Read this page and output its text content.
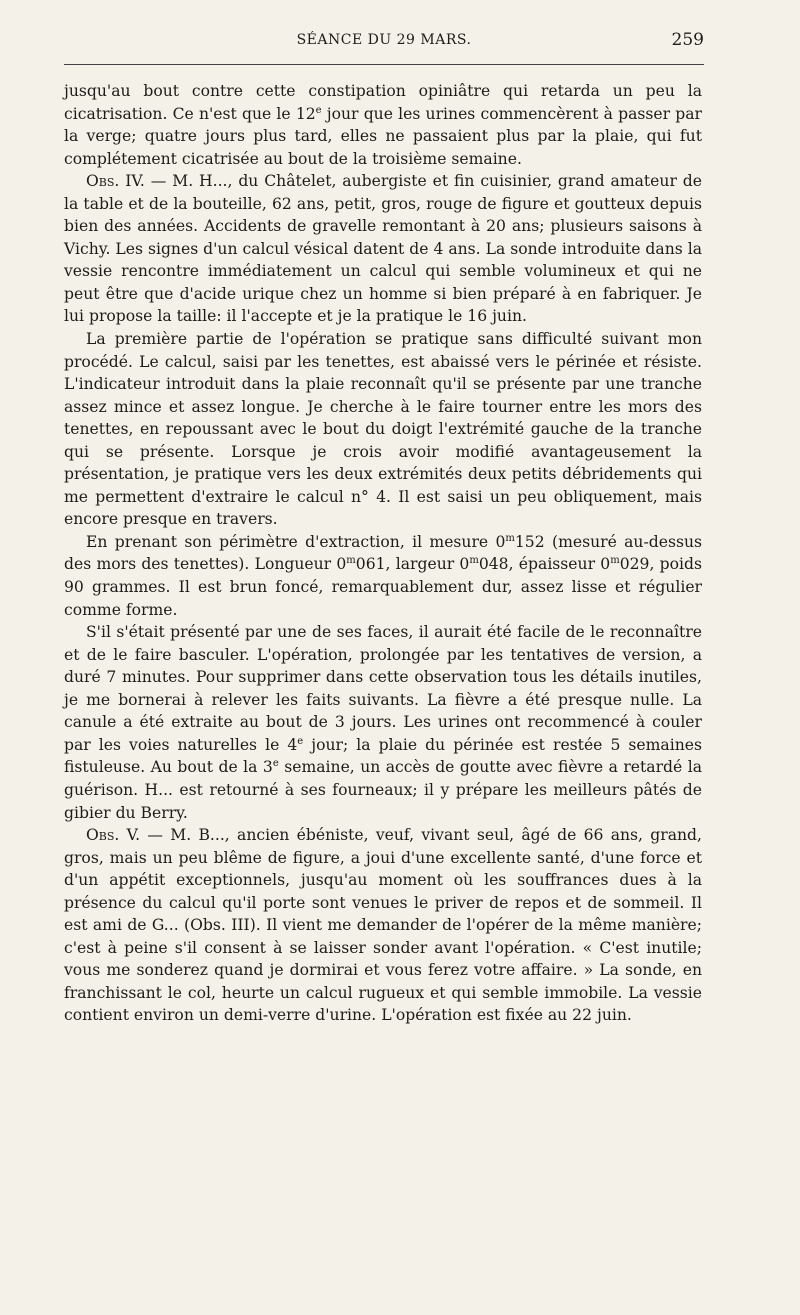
SÉANCE DU 29 MARS.	259

jusqu'au bout contre cette constipation opiniâtre qui retarda un peu la cicatrisation. Ce n'est que le 12e jour que les urines commencèrent à passer par la verge; quatre jours plus tard, elles ne passaient plus par la plaie, qui fut complétement cicatrisée au bout de la troisième semaine.

Obs. IV. — M. H..., du Châtelet, aubergiste et fin cuisinier, grand amateur de la table et de la bouteille, 62 ans, petit, gros, rouge de figure et goutteux depuis bien des années. Accidents de gravelle remontant à 20 ans; plusieurs saisons à Vichy. Les signes d'un calcul vésical datent de 4 ans. La sonde introduite dans la vessie rencontre immédiatement un calcul qui semble volumineux et qui ne peut être que d'acide urique chez un homme si bien préparé à en fabriquer. Je lui propose la taille: il l'accepte et je la pratique le 16 juin.

La première partie de l'opération se pratique sans difficulté suivant mon procédé. Le calcul, saisi par les tenettes, est abaissé vers le périnée et résiste. L'indicateur introduit dans la plaie reconnaît qu'il se présente par une tranche assez mince et assez longue. Je cherche à le faire tourner entre les mors des tenettes, en repoussant avec le bout du doigt l'extrémité gauche de la tranche qui se présente. Lorsque je crois avoir modifié avantageusement la présentation, je pratique vers les deux extrémités deux petits débridements qui me permettent d'extraire le calcul n° 4. Il est saisi un peu obliquement, mais encore presque en travers.

En prenant son périmètre d'extraction, il mesure 0$^m$152 (mesuré au-dessus des mors des tenettes). Longueur 0$^m$061, largeur 0$^m$048, épaisseur 0$^m$029, poids 90 grammes. Il est brun foncé, remarquablement dur, assez lisse et régulier comme forme.

S'il s'était présenté par une de ses faces, il aurait été facile de le reconnaître et de le faire basculer. L'opération, prolongée par les tentatives de version, a duré 7 minutes. Pour supprimer dans cette observation tous les détails inutiles, je me bornerai à relever les faits suivants. La fièvre a été presque nulle. La canule a été extraite au bout de 3 jours. Les urines ont recommencé à couler par les voies naturelles le 4e jour; la plaie du périnée est restée 5 semaines fistuleuse. Au bout de la 3e semaine, un accès de goutte avec fièvre a retardé la guérison. H... est retourné à ses fourneaux; il y prépare les meilleurs pâtés de gibier du Berry.

Obs. V. — M. B..., ancien ébéniste, veuf, vivant seul, âgé de 66 ans, grand, gros, mais un peu blême de figure, a joui d'une excellente santé, d'une force et d'un appétit exceptionnels, jusqu'au moment où les souffrances dues à la présence du calcul qu'il porte sont venues le priver de repos et de sommeil. Il est ami de G... (Obs. III). Il vient me demander de l'opérer de la même manière; c'est à peine s'il consent à se laisser sonder avant l'opération. « C'est inutile; vous me sonderez quand je dormirai et vous ferez votre affaire. » La sonde, en franchissant le col, heurte un calcul rugueux et qui semble immobile. La vessie contient environ un demi-verre d'urine. L'opération est fixée au 22 juin.
